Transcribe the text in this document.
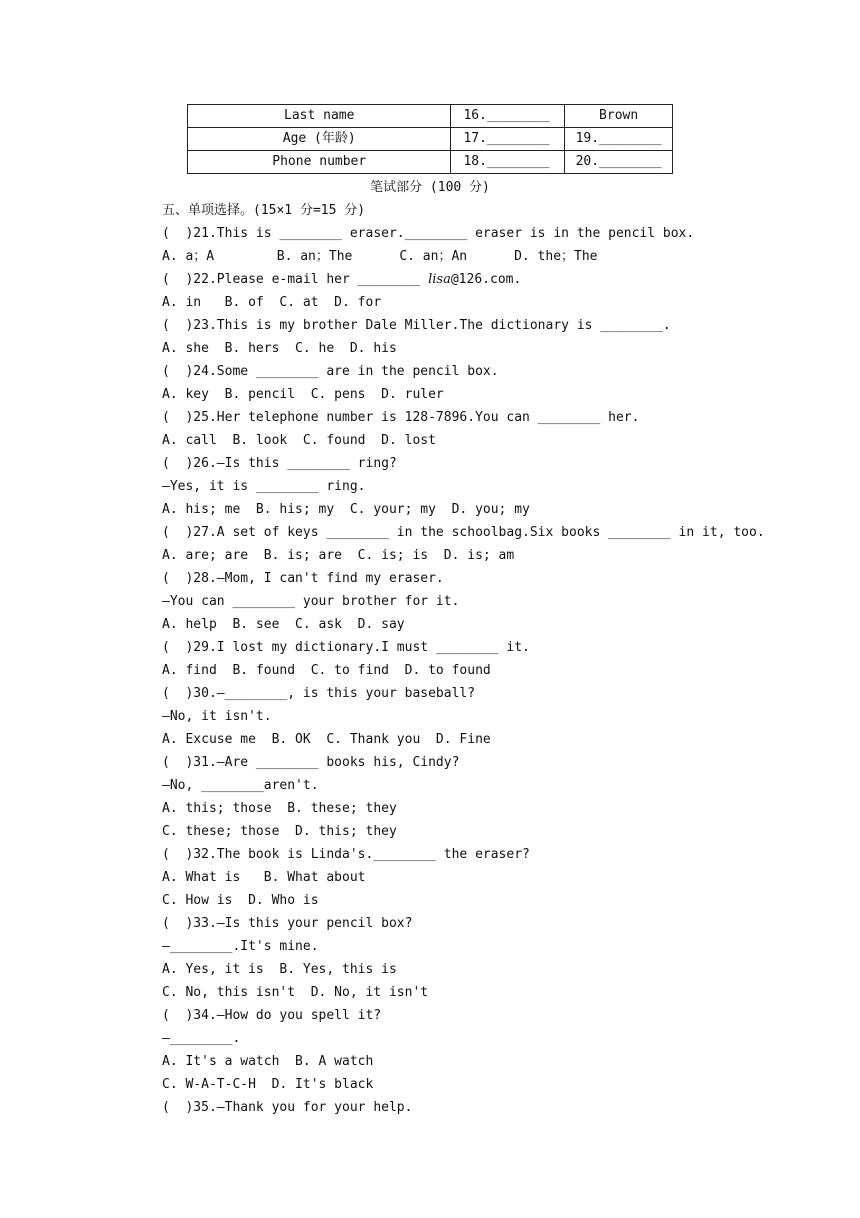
Last name	16.________	Brown
Age (年龄)	17.________	19.________
Phone number	18.________	20.________
笔试部分 (100 分)
五、单项选择。(15×1 分=15 分)
(  )21.This is ________ eraser.________ eraser is in the pencil box.
A. a；A        B. an；The      C. an；An      D. the；The
(  )22.Please e-mail her ________ lisa@126.com.
A. in   B. of  C. at  D. for
(  )23.This is my brother Dale Miller.The dictionary is ________.
A. she  B. hers  C. he  D. his
(  )24.Some ________ are in the pencil box.
A. key  B. pencil  C. pens  D. ruler
(  )25.Her telephone number is 128-7896.You can ________ her.
A. call  B. look  C. found  D. lost
(  )26.—Is this ________ ring?
—Yes, it is ________ ring.
A. his; me  B. his; my  C. your; my  D. you; my
(  )27.A set of keys ________ in the schoolbag.Six books ________ in it, too.
A. are; are  B. is; are  C. is; is  D. is; am
(  )28.—Mom, I can't find my eraser.
—You can ________ your brother for it.
A. help  B. see  C. ask  D. say
(  )29.I lost my dictionary.I must ________ it.
A. find  B. found  C. to find  D. to found
(  )30.—________, is this your baseball?
—No, it isn't.
A. Excuse me  B. OK  C. Thank you  D. Fine
(  )31.—Are ________ books his, Cindy?
—No, ________aren't.
A. this; those  B. these; they
C. these; those  D. this; they
(  )32.The book is Linda's.________ the eraser?
A. What is   B. What about
C. How is  D. Who is
(  )33.—Is this your pencil box?
—________.It's mine.
A. Yes, it is  B. Yes, this is
C. No, this isn't  D. No, it isn't
(  )34.—How do you spell it?
—________.
A. It's a watch  B. A watch
C. W-A-T-C-H  D. It's black
(  )35.—Thank you for your help.
